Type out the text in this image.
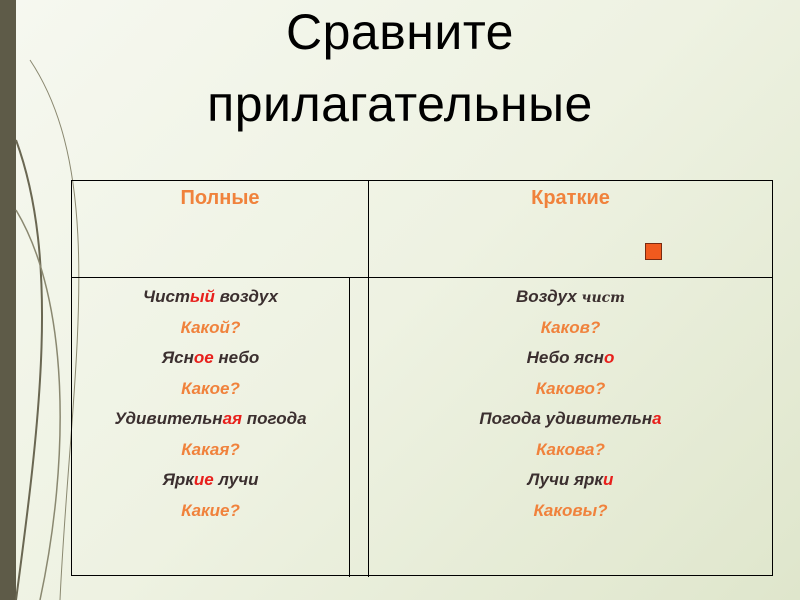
Сравните
прилагательные
Полные	Краткие
Чистый воздух
Какой?
Ясное небо
Какое?
Удивительная погода
Какая?
Яркие лучи
Какие?
Воздух чист
Каков?
Небо ясно
Каково?
Погода удивительна
Какова?
Лучи ярки
Каковы?
